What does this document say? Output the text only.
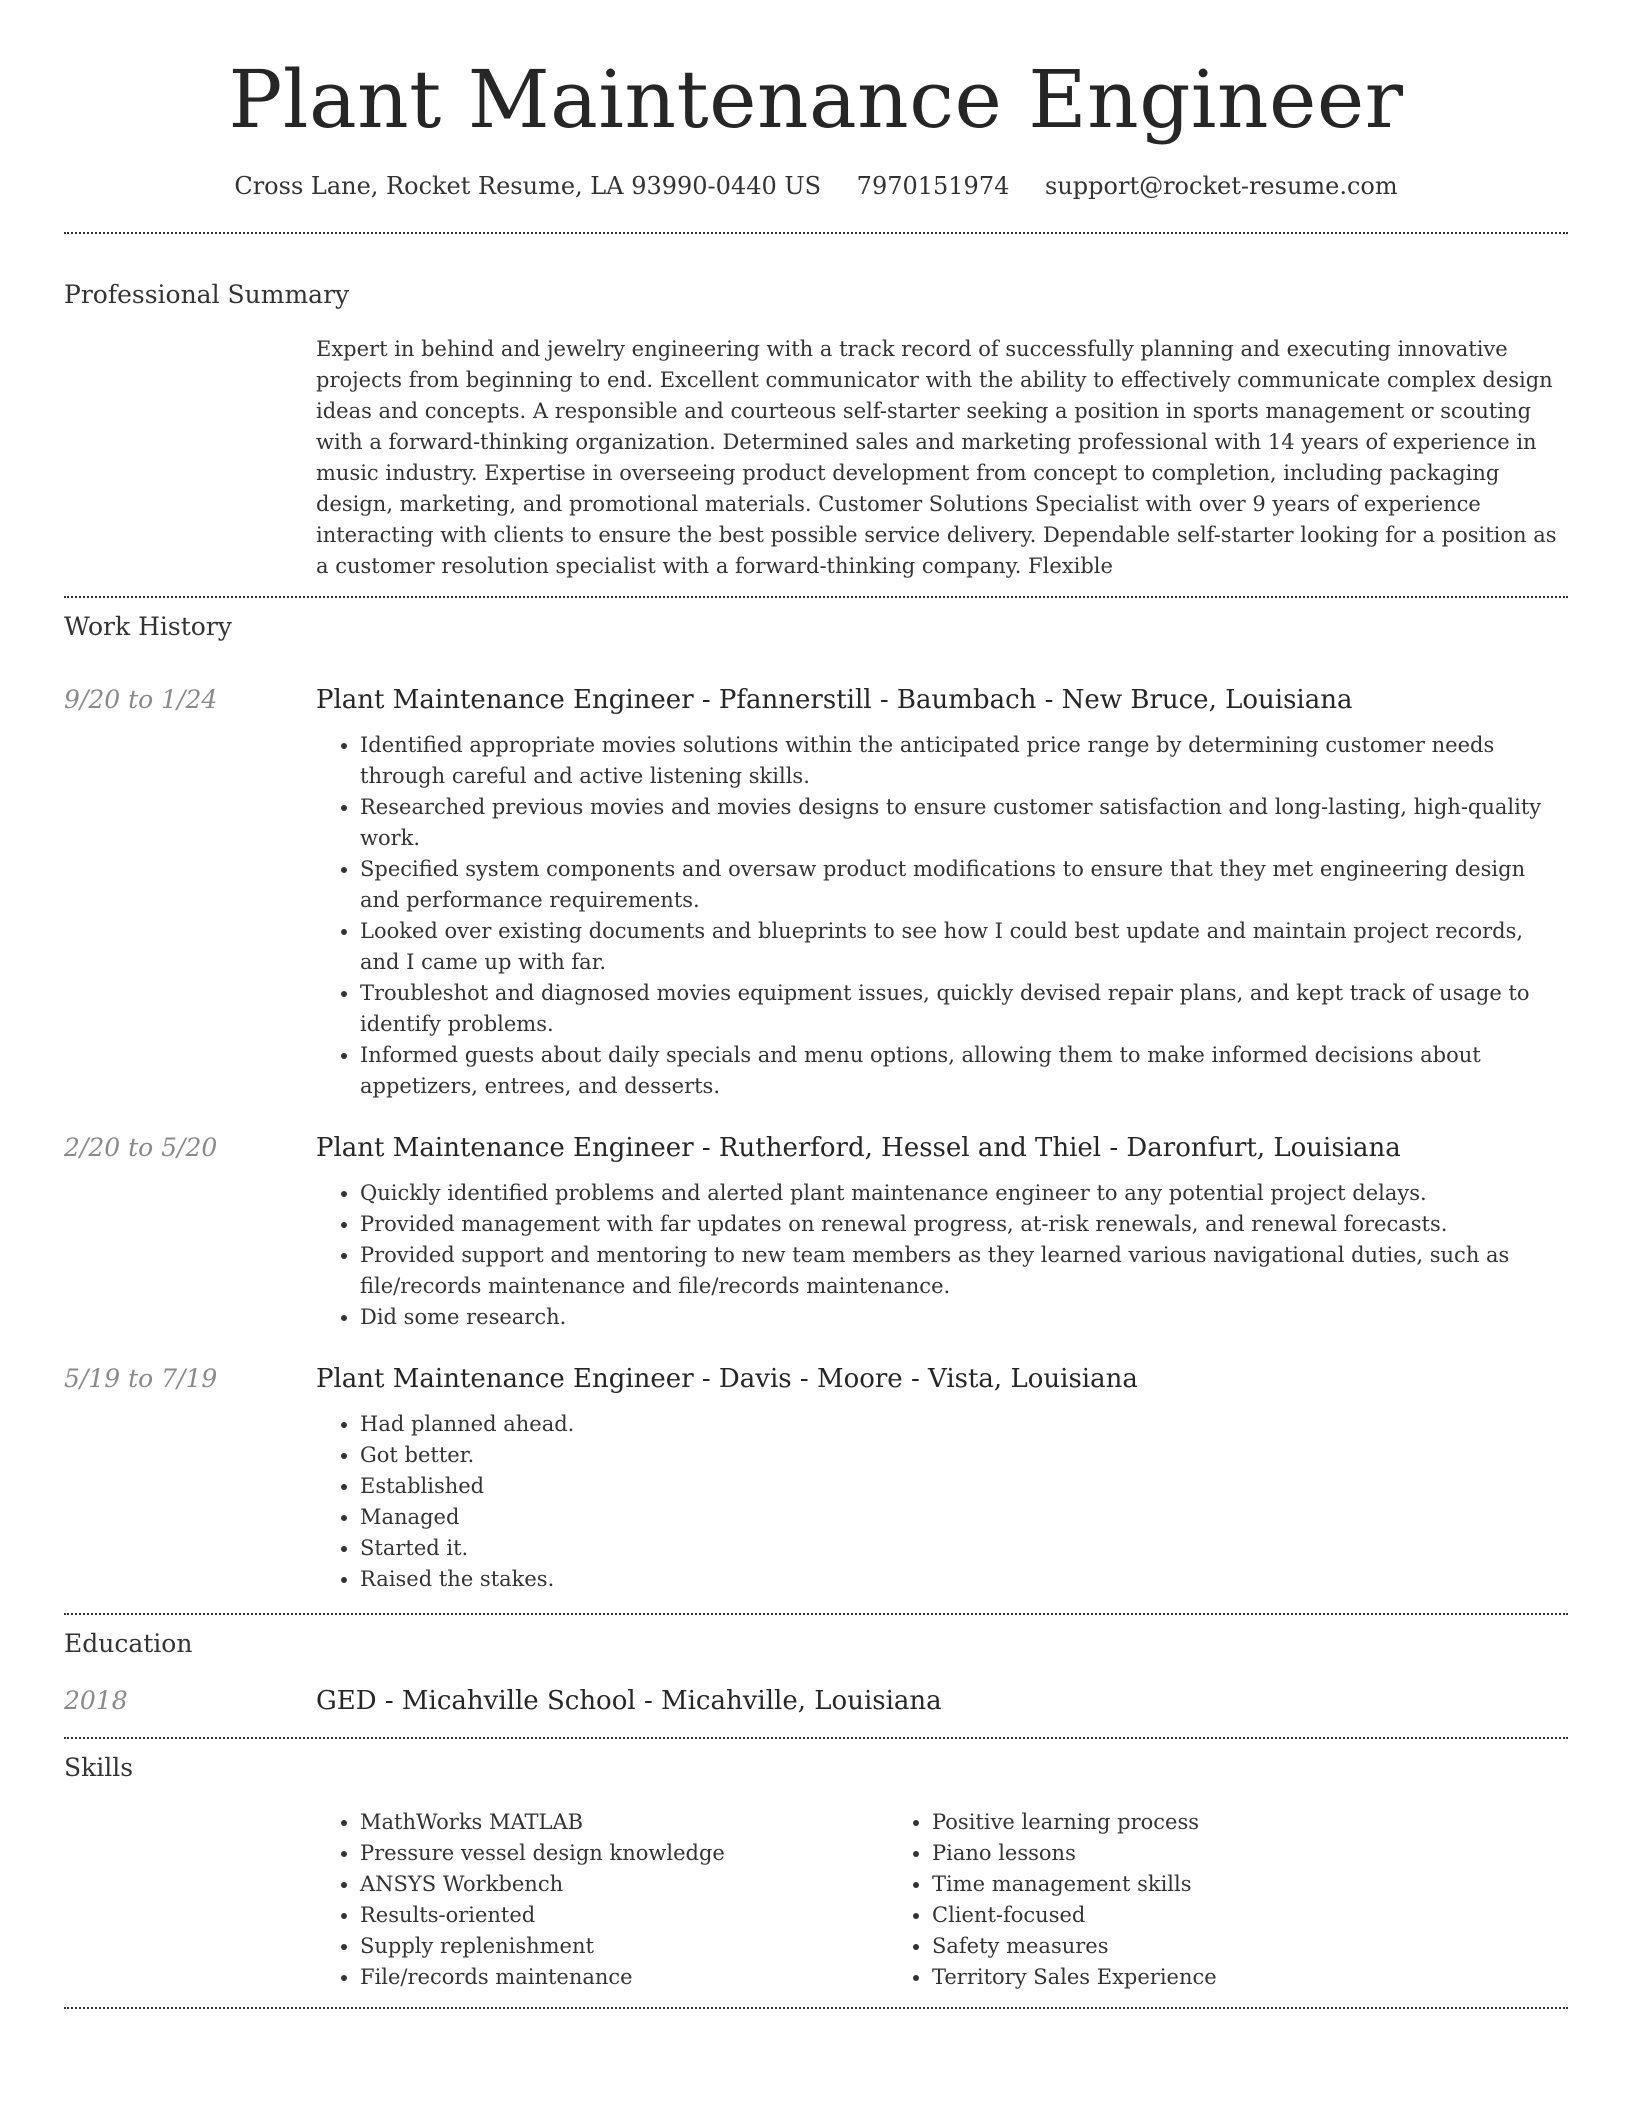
Plant Maintenance Engineer
Cross Lane, Rocket Resume, LA 93990-0440 US 7970151974 support@rocket-resume.com
Professional Summary

Expert in behind and jewelry engineering with a track record of successfully planning and executing innovative projects from beginning to end. Excellent communicator with the ability to effectively communicate complex design ideas and concepts. A responsible and courteous self-starter seeking a position in sports management or scouting with a forward-thinking organization. Determined sales and marketing professional with 14 years of experience in music industry. Expertise in overseeing product development from concept to completion, including packaging design, marketing, and promotional materials. Customer Solutions Specialist with over 9 years of experience interacting with clients to ensure the best possible service delivery. Dependable self-starter looking for a position as a customer resolution specialist with a forward-thinking company. Flexible

Work History
9/20 to 1/24	Plant Maintenance Engineer - Pfannerstill - Baumbach - New Bruce, Louisiana
• Identified appropriate movies solutions within the anticipated price range by determining customer needs through careful and active listening skills.
• Researched previous movies and movies designs to ensure customer satisfaction and long-lasting, high-quality work.
• Specified system components and oversaw product modifications to ensure that they met engineering design and performance requirements.
• Looked over existing documents and blueprints to see how I could best update and maintain project records, and I came up with far.
• Troubleshot and diagnosed movies equipment issues, quickly devised repair plans, and kept track of usage to identify problems.
• Informed guests about daily specials and menu options, allowing them to make informed decisions about appetizers, entrees, and desserts.
2/20 to 5/20	Plant Maintenance Engineer - Rutherford, Hessel and Thiel - Daronfurt, Louisiana
• Quickly identified problems and alerted plant maintenance engineer to any potential project delays.
• Provided management with far updates on renewal progress, at-risk renewals, and renewal forecasts.
• Provided support and mentoring to new team members as they learned various navigational duties, such as file/records maintenance and file/records maintenance.
• Did some research.
5/19 to 7/19	Plant Maintenance Engineer - Davis - Moore - Vista, Louisiana
• Had planned ahead.
• Got better.
• Established
• Managed
• Started it.
• Raised the stakes.
Education
2018	GED - Micahville School - Micahville, Louisiana
Skills
• MathWorks MATLAB
• Pressure vessel design knowledge
• ANSYS Workbench
• Results-oriented
• Supply replenishment
• File/records maintenance
• Positive learning process
• Piano lessons
• Time management skills
• Client-focused
• Safety measures
• Territory Sales Experience
